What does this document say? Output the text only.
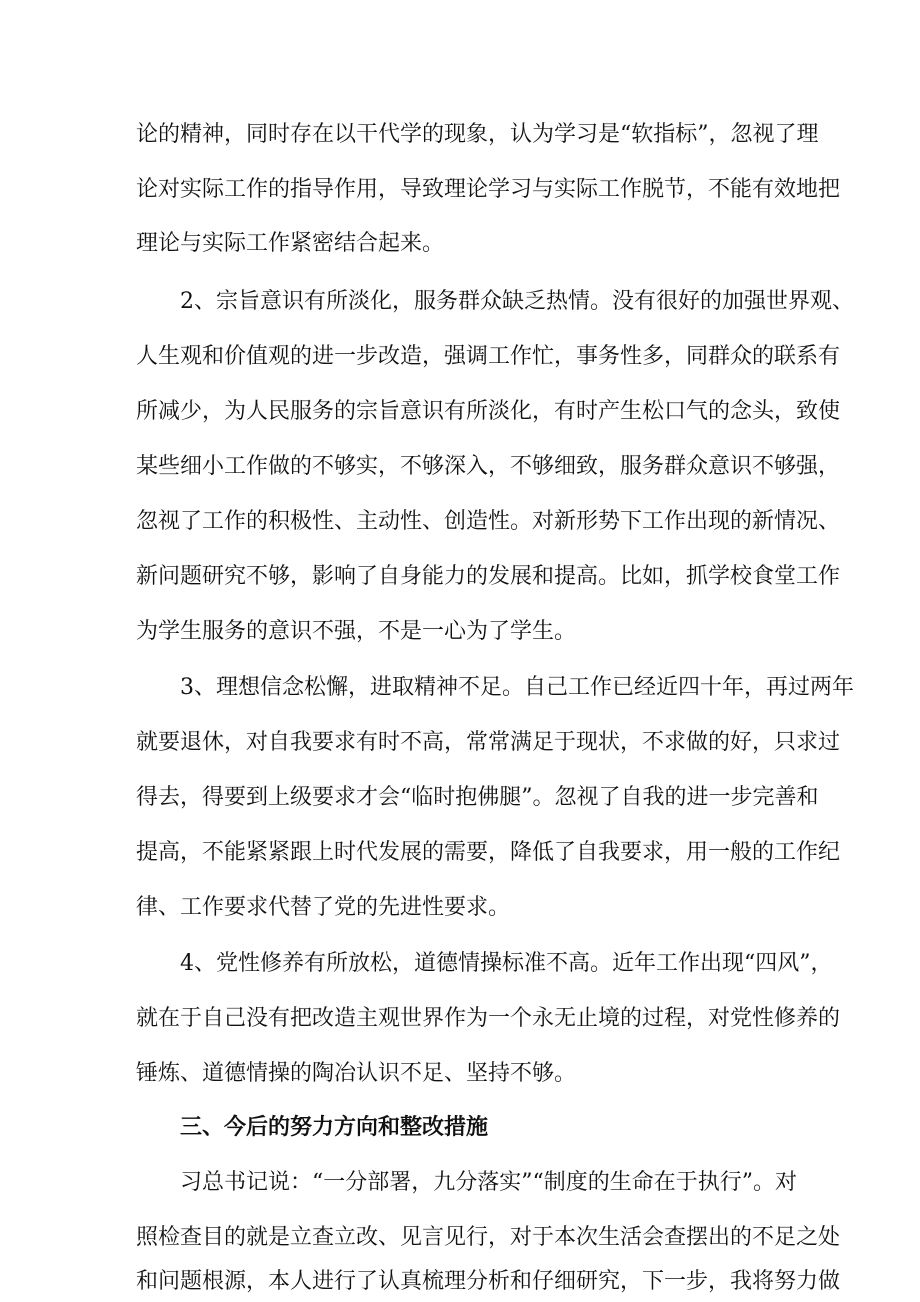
论的精神，同时存在以干代学的现象，认为学习是“软指标”，忽视了理
论对实际工作的指导作用，导致理论学习与实际工作脱节，不能有效地把
理论与实际工作紧密结合起来。
2、宗旨意识有所淡化，服务群众缺乏热情。没有很好的加强世界观、
人生观和价值观的进一步改造，强调工作忙，事务性多，同群众的联系有
所减少，为人民服务的宗旨意识有所淡化，有时产生松口气的念头，致使
某些细小工作做的不够实，不够深入，不够细致，服务群众意识不够强，
忽视了工作的积极性、主动性、创造性。对新形势下工作出现的新情况、
新问题研究不够，影响了自身能力的发展和提高。比如，抓学校食堂工作
为学生服务的意识不强，不是一心为了学生。
3、理想信念松懈，进取精神不足。自己工作已经近四十年，再过两年
就要退休，对自我要求有时不高，常常满足于现状，不求做的好，只求过
得去，得要到上级要求才会“临时抱佛腿”。忽视了自我的进一步完善和
提高，不能紧紧跟上时代发展的需要，降低了自我要求，用一般的工作纪
律、工作要求代替了党的先进性要求。
4、党性修养有所放松，道德情操标准不高。近年工作出现“四风”，
就在于自己没有把改造主观世界作为一个永无止境的过程，对党性修养的
锤炼、道德情操的陶冶认识不足、坚持不够。
三、今后的努力方向和整改措施
习总书记说：“一分部署，九分落实”“制度的生命在于执行”。对
照检查目的就是立查立改、见言见行，对于本次生活会查摆出的不足之处
和问题根源，本人进行了认真梳理分析和仔细研究，下一步，我将努力做
